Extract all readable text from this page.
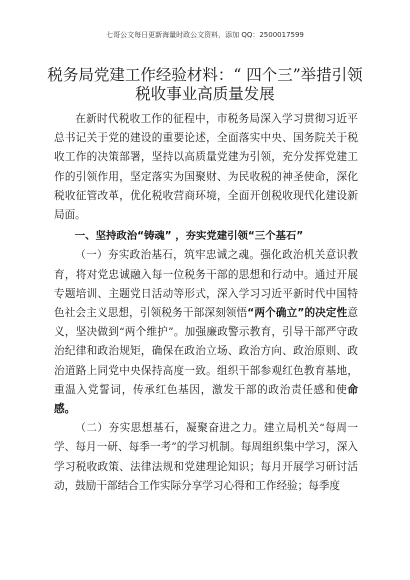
七哥公文每日更新海量时政公文资料，添加 QQ：2500017599
税务局党建工作经验材料：“ 四个三”举措引领税收事业高质量发展

在新时代税收工作的征程中，市税务局深入学习贯彻习近平总书记关于党的建设的重要论述，全面落实中央、国务院关于税收工作的决策部署，坚持以高质量党建为引领，充分发挥党建工作的引领作用，坚定落实为国聚财、为民收税的神圣使命，深化税收征管改革，优化税收营商环境，全面开创税收现代化建设新局面。

一、坚持政治“铸魂” ，夯实党建引领“三个基石”

（一）夯实政治基石，筑牢忠诚之魂。强化政治机关意识教育，将对党忠诚融入每一位税务干部的思想和行动中。通过开展专题培训、主题党日活动等形式，深入学习习近平新时代中国特色社会主义思想，引领税务干部深刻领悟“两个确立”的决定性意义，坚决做到“两个维护”。加强廉政警示教育，引导干部严守政治纪律和政治规矩，确保在政治立场、政治方向、政治原则、政治道路上同党中央保持高度一致。组织干部参观红色教育基地，重温入党誓词，传承红色基因，激发干部的政治责任感和使命感。

（二）夯实思想基石，凝聚奋进之力。建立局机关“每周一学、每月一研、每季一考”的学习机制。每周组织集中学习，深入学习税收政策、法律法规和党建理论知识；每月开展学习研讨活动，鼓励干部结合工作实际分享学习心得和工作经验；每季度
